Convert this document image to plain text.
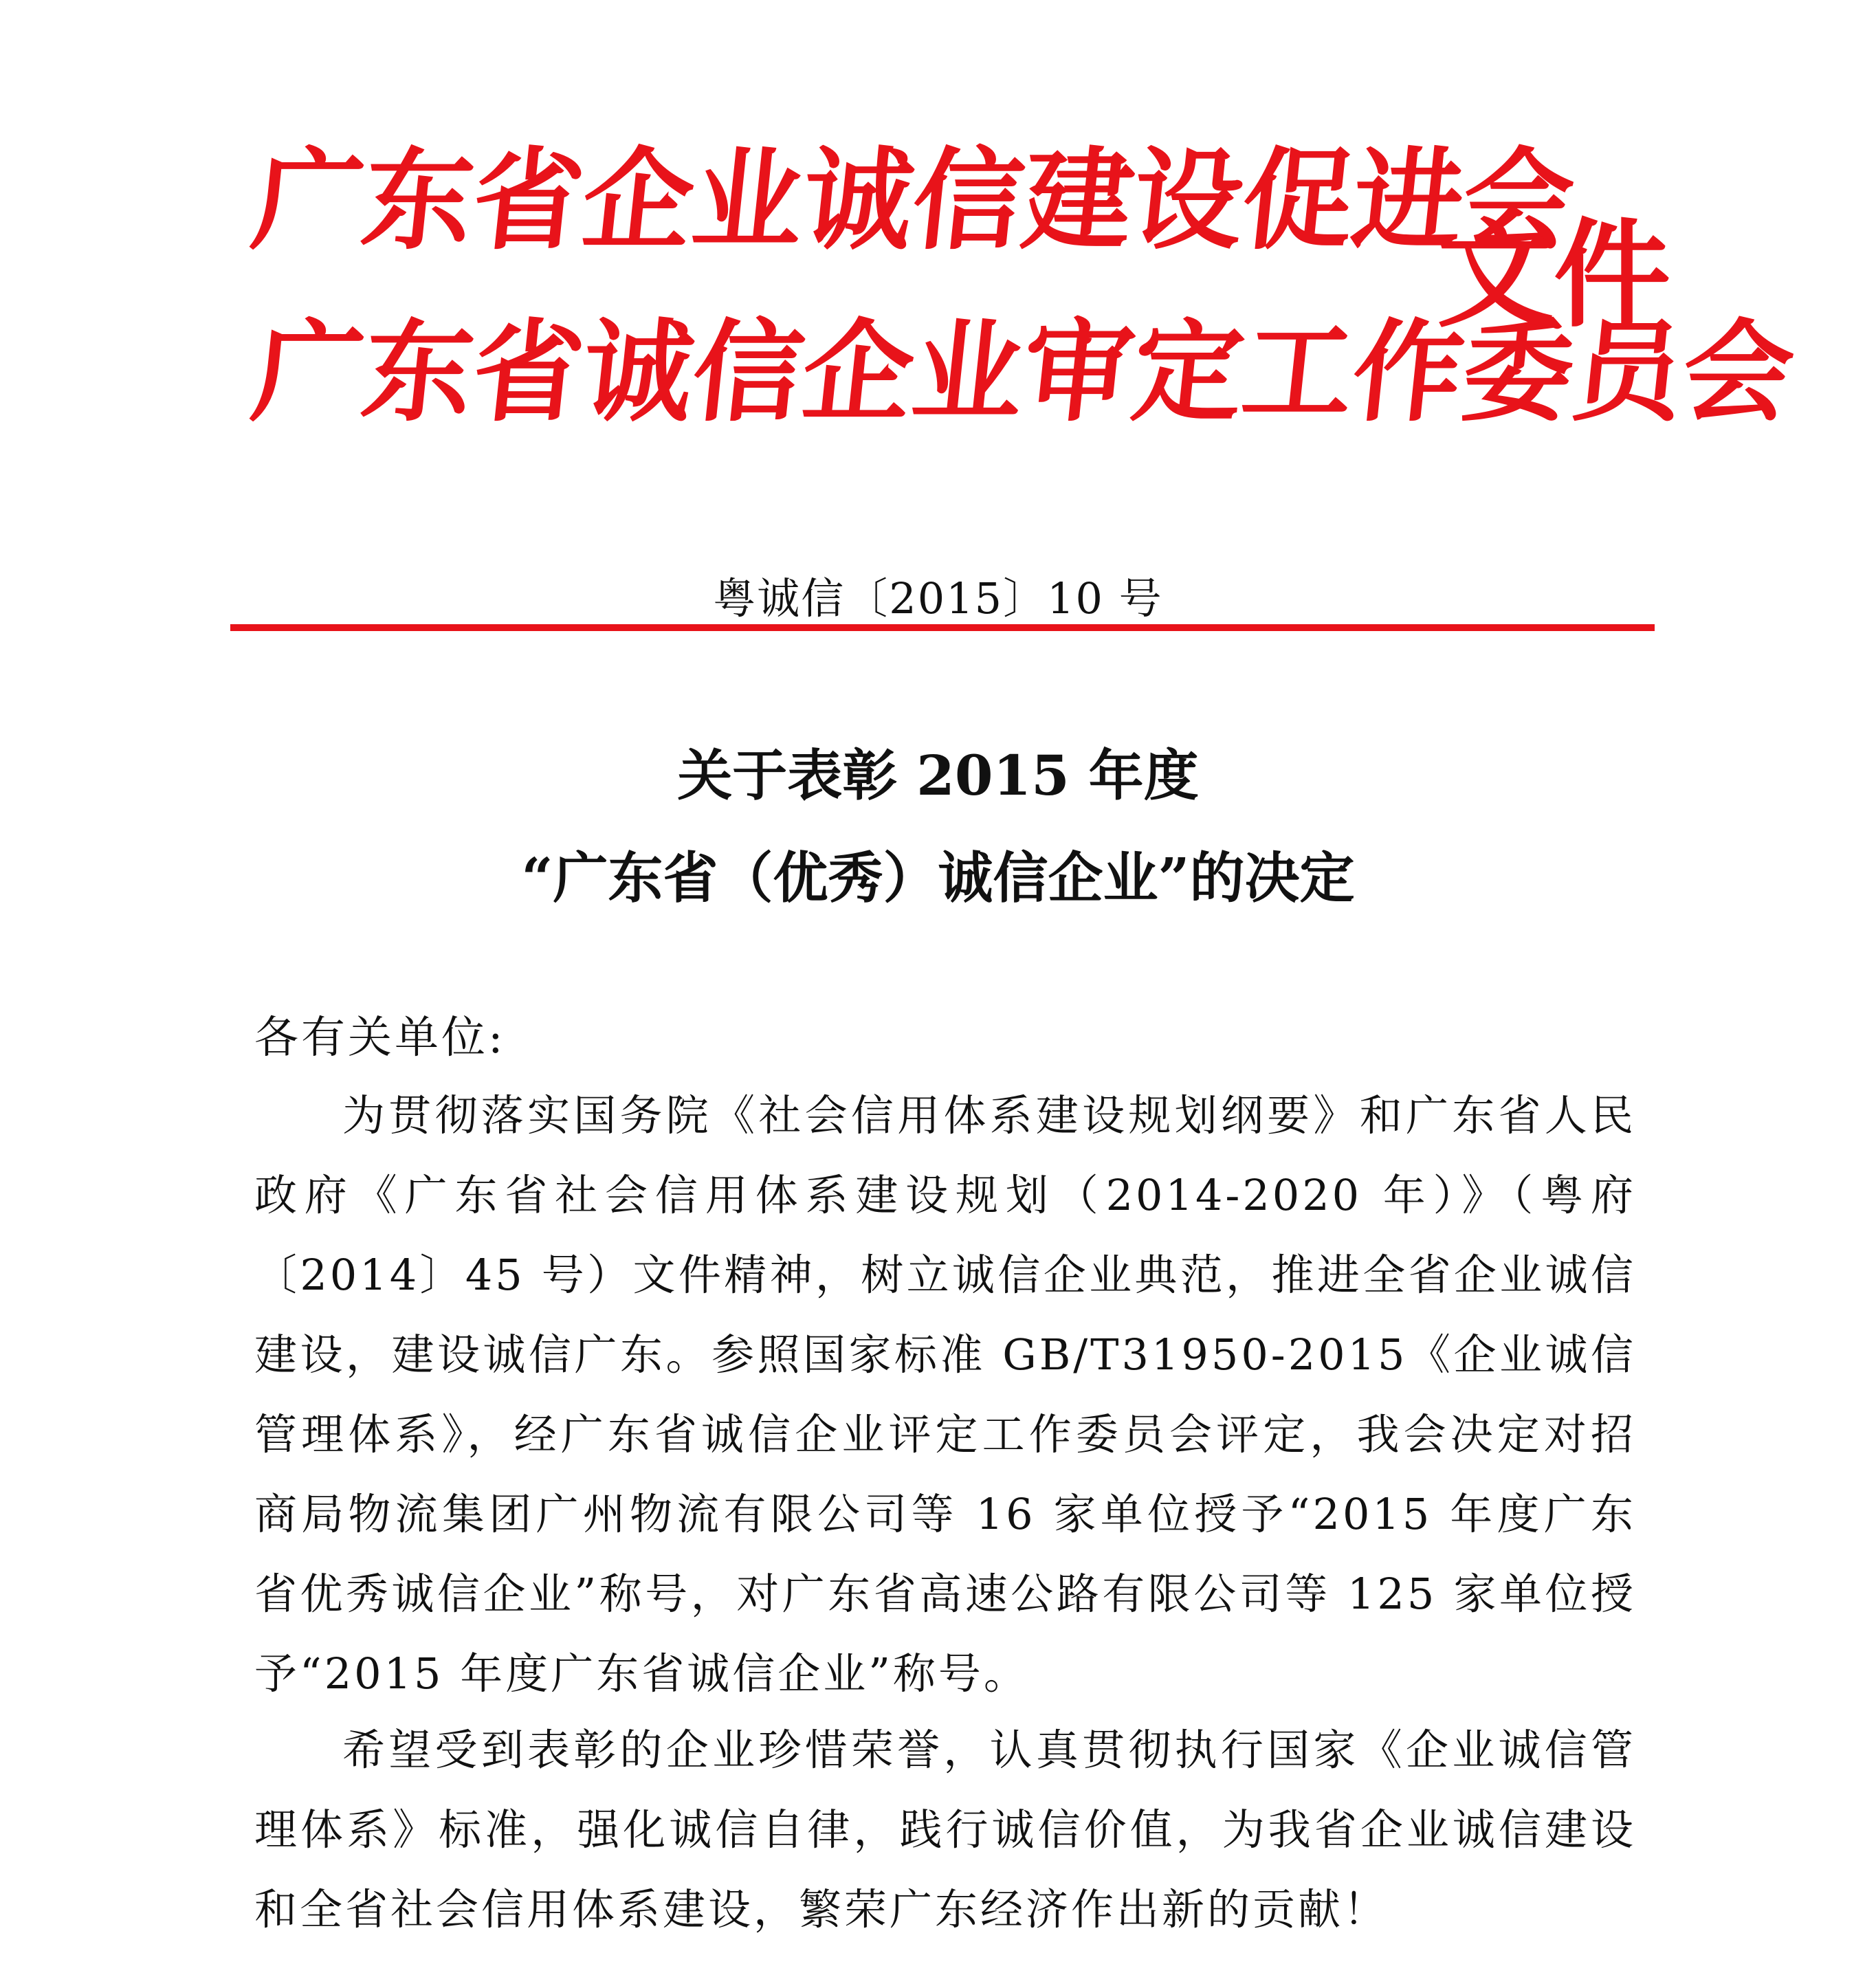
广东省企业诚信建设促进会
广东省诚信企业审定工作委员会
文件
粤诚信〔2015〕10 号
关于表彰 2015 年度
“广东省（优秀）诚信企业”的决定
各有关单位:

为贯彻落实国务院《社会信用体系建设规划纲要》和广东省人民政府《广东省社会信用体系建设规划（2014-2020 年）》（粤府〔2014〕45 号）文件精神，树立诚信企业典范，推进全省企业诚信建设，建设诚信广东。参照国家标准 GB/T31950-2015《企业诚信管理体系》，经广东省诚信企业评定工作委员会评定，我会决定对招商局物流集团广州物流有限公司等 16 家单位授予“2015 年度广东省优秀诚信企业”称号，对广东省高速公路有限公司等 125 家单位授予“2015 年度广东省诚信企业”称号。

希望受到表彰的企业珍惜荣誉，认真贯彻执行国家《企业诚信管理体系》标准，强化诚信自律，践行诚信价值，为我省企业诚信建设和全省社会信用体系建设，繁荣广东经济作出新的贡献！
